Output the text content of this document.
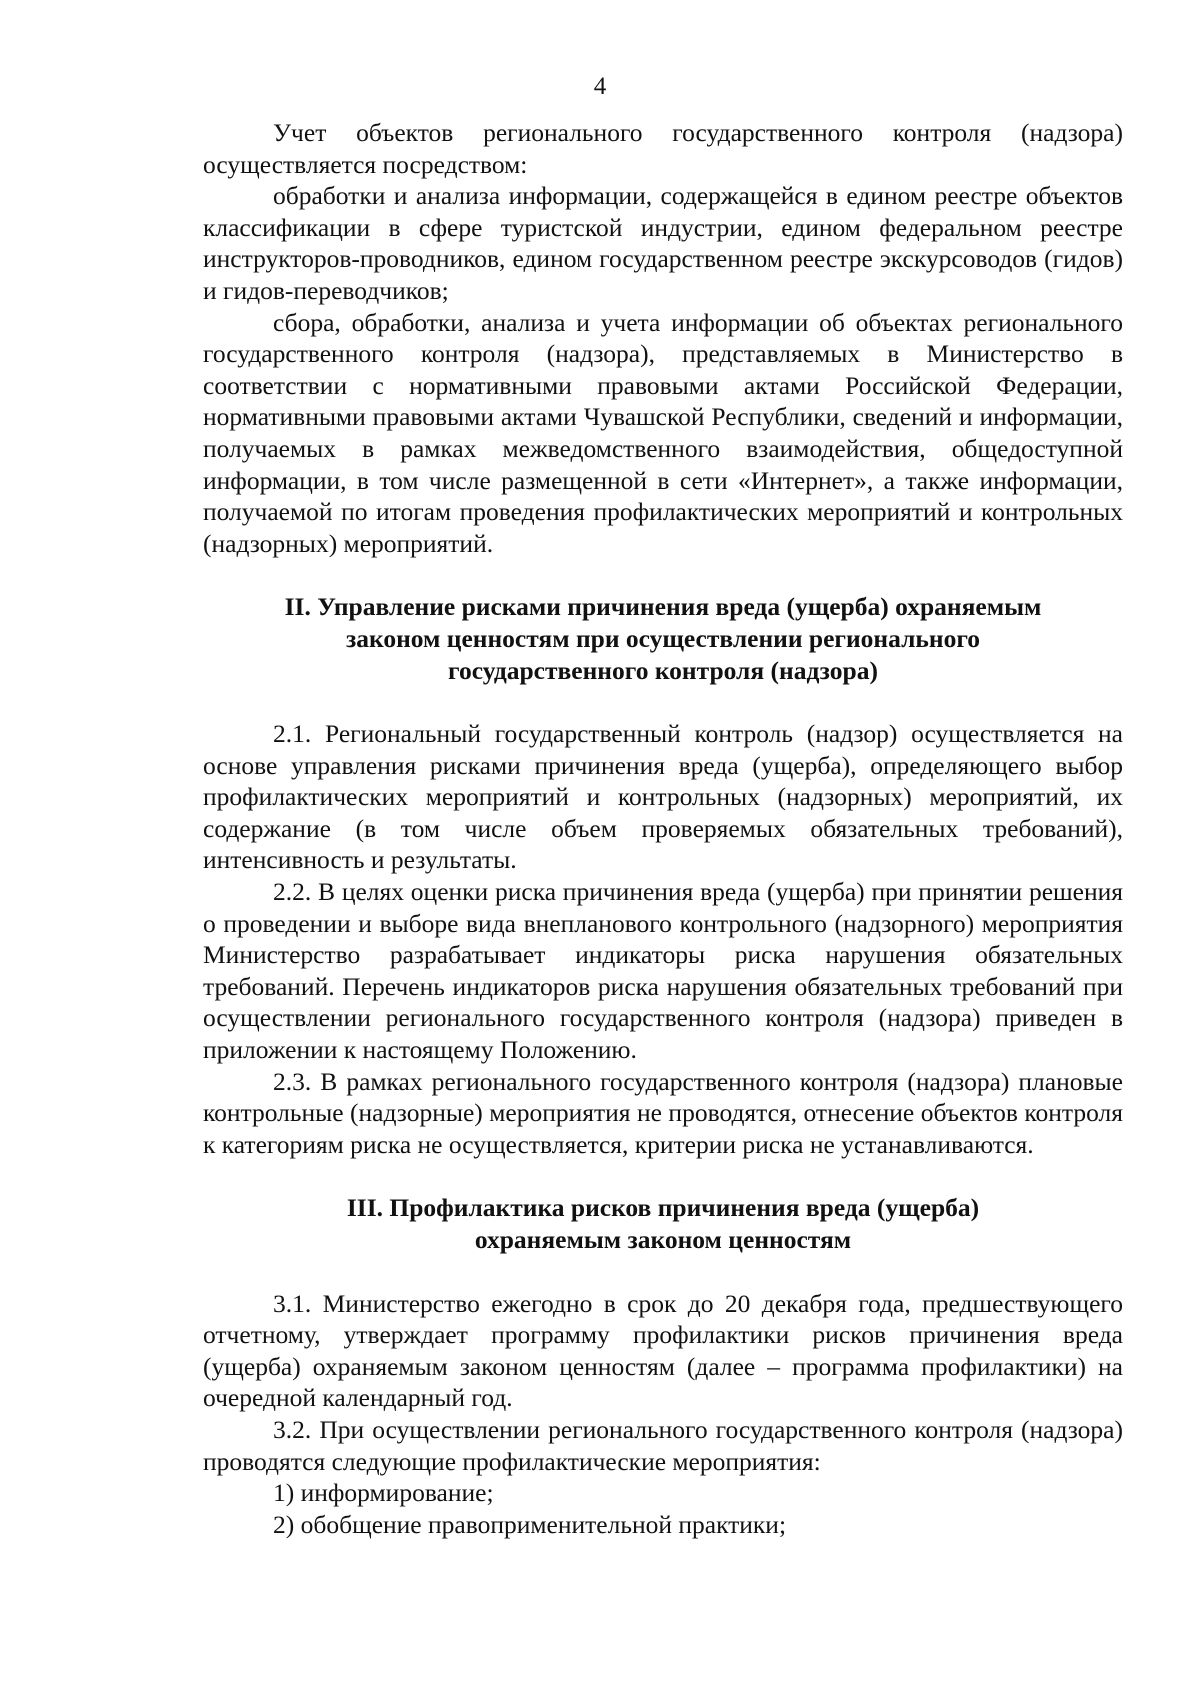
4

Учет объектов регионального государственного контроля (надзора) осуществляется посредством:

обработки и анализа информации, содержащейся в едином реестре объектов классификации в сфере туристской индустрии, едином федеральном реестре инструкторов-проводников, едином государственном реестре экскурсоводов (гидов) и гидов-переводчиков;

сбора, обработки, анализа и учета информации об объектах регионального государственного контроля (надзора), представляемых в Министерство в соответствии с нормативными правовыми актами Российской Федерации, нормативными правовыми актами Чувашской Республики, сведений и информации, получаемых в рамках межведомственного взаимодействия, общедоступной информации, в том числе размещенной в сети «Интернет», а также информации, получаемой по итогам проведения профилактических мероприятий и контрольных (надзорных) мероприятий.

II. Управление рисками причинения вреда (ущерба) охраняемым
законом ценностям при осуществлении регионального
государственного контроля (надзора)

2.1. Региональный государственный контроль (надзор) осуществляется на основе управления рисками причинения вреда (ущерба), определяющего выбор профилактических мероприятий и контрольных (надзорных) мероприятий, их содержание (в том числе объем проверяемых обязательных требований), интенсивность и результаты.

2.2. В целях оценки риска причинения вреда (ущерба) при принятии решения о проведении и выборе вида внепланового контрольного (надзорного) мероприятия Министерство разрабатывает индикаторы риска нарушения обязательных требований. Перечень индикаторов риска нарушения обязательных требований при осуществлении регионального государственного контроля (надзора) приведен в приложении к настоящему Положению.

2.3. В рамках регионального государственного контроля (надзора) плановые контрольные (надзорные) мероприятия не проводятся, отнесение объектов контроля к категориям риска не осуществляется, критерии риска не устанавливаются.

III. Профилактика рисков причинения вреда (ущерба)
охраняемым законом ценностям

3.1. Министерство ежегодно в срок до 20 декабря года, предшествующего отчетному, утверждает программу профилактики рисков причинения вреда (ущерба) охраняемым законом ценностям (далее – программа профилактики) на очередной календарный год.

3.2. При осуществлении регионального государственного контроля (надзора) проводятся следующие профилактические мероприятия:

1) информирование;

2) обобщение правоприменительной практики;
